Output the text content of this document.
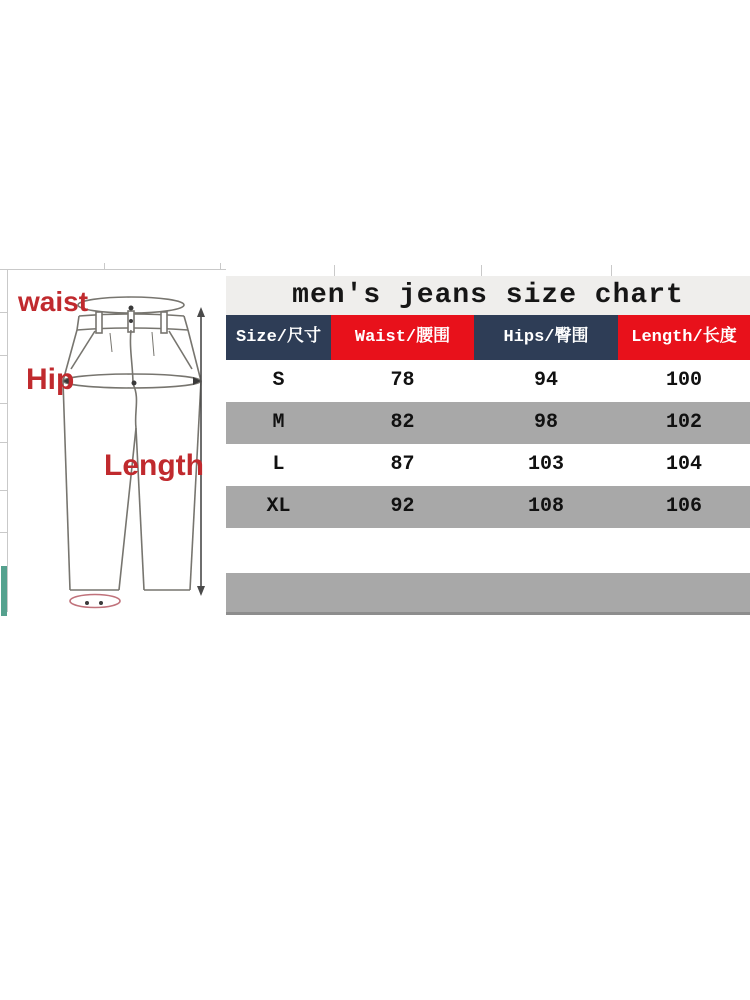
waist
Hip
Length
men's jeans size chart
Size/尺寸	Waist/腰围	Hips/臀围	Length/长度
S	78	94	100
M	82	98	102
L	87	103	104
XL	92	108	106
